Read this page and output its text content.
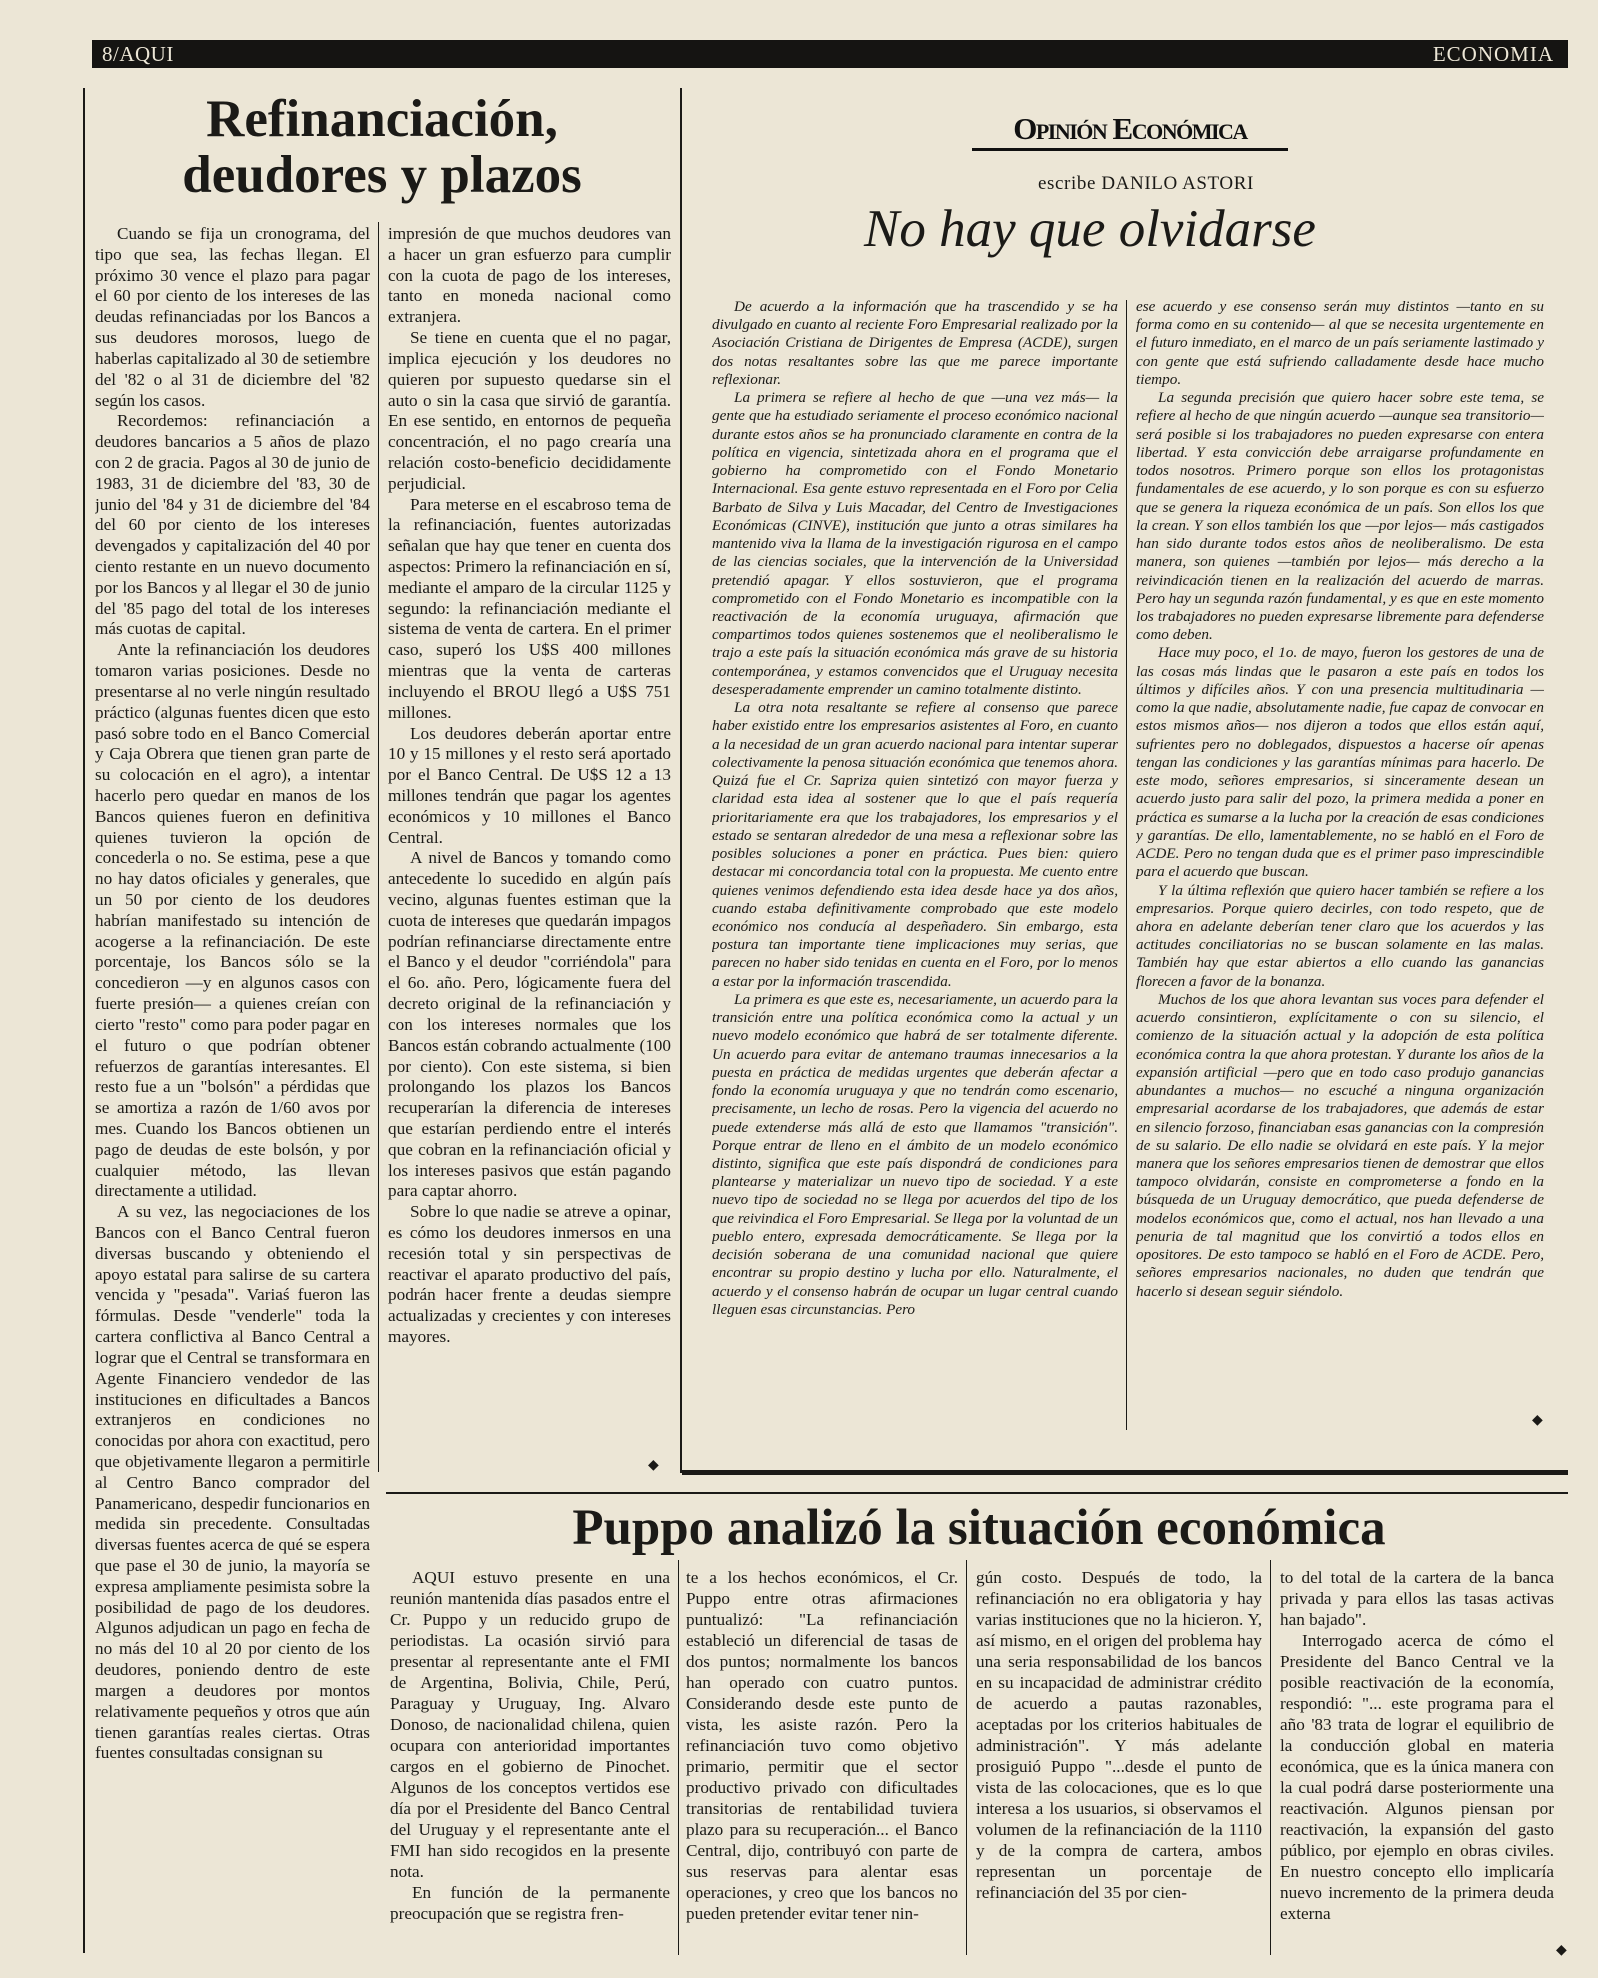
8/AQUI	ECONOMIA
Refinanciación,
deudores y plazos

Cuando se fija un cronograma, del tipo que sea, las fechas llegan. El próximo 30 vence el plazo para pagar el 60 por ciento de los intereses de las deudas refinanciadas por los Bancos a sus deudores morosos, luego de haberlas capitalizado al 30 de setiembre del '82 o al 31 de diciembre del '82 según los casos.

Recordemos: refinanciación a deudores bancarios a 5 años de plazo con 2 de gracia. Pagos al 30 de junio de 1983, 31 de diciembre del '83, 30 de junio del '84 y 31 de diciembre del '84 del 60 por ciento de los intereses devengados y capitalización del 40 por ciento restante en un nuevo documento por los Bancos y al llegar el 30 de junio del '85 pago del total de los intereses más cuotas de capital.

Ante la refinanciación los deudores tomaron varias posiciones. Desde no presentarse al no verle ningún resultado práctico (algunas fuentes dicen que esto pasó sobre todo en el Banco Comercial y Caja Obrera que tienen gran parte de su colocación en el agro), a intentar hacerlo pero quedar en manos de los Bancos quienes fueron en definitiva quienes tuvieron la opción de concederla o no. Se estima, pese a que no hay datos oficiales y generales, que un 50 por ciento de los deudores habrían manifestado su intención de acogerse a la refinanciación. De este porcentaje, los Bancos sólo se la concedieron —y en algunos casos con fuerte presión— a quienes creían con cierto "resto" como para poder pagar en el futuro o que podrían obtener refuerzos de garantías interesantes. El resto fue a un "bolsón" a pérdidas que se amortiza a razón de 1/60 avos por mes. Cuando los Bancos obtienen un pago de deudas de este bolsón, y por cualquier método, las llevan directamente a utilidad.

A su vez, las negociaciones de los Bancos con el Banco Central fueron diversas buscando y obteniendo el apoyo estatal para salirse de su cartera vencida y "pesada". Variaś fueron las fórmulas. Desde "venderle" toda la cartera conflictiva al Banco Central a lograr que el Central se transformara en Agente Financiero vendedor de las instituciones en dificultades a Bancos extranjeros en condiciones no conocidas por ahora con exactitud, pero que objetivamente llegaron a permitirle al Centro Banco comprador del Panamericano, despedir funcionarios en medida sin precedente. Consultadas diversas fuentes acerca de qué se espera que pase el 30 de junio, la mayoría se expresa ampliamente pesimista sobre la posibilidad de pago de los deudores. Algunos adjudican un pago en fecha de no más del 10 al 20 por ciento de los deudores, poniendo dentro de este margen a deudores por montos relativamente pequeños y otros que aún tienen garantías reales ciertas. Otras fuentes consultadas consignan su

impresión de que muchos deudores van a hacer un gran esfuerzo para cumplir con la cuota de pago de los intereses, tanto en moneda nacional como extranjera.

Se tiene en cuenta que el no pagar, implica ejecución y los deudores no quieren por supuesto quedarse sin el auto o sin la casa que sirvió de garantía. En ese sentido, en entornos de pequeña concentración, el no pago crearía una relación costo-beneficio decididamente perjudicial.

Para meterse en el escabroso tema de la refinanciación, fuentes autorizadas señalan que hay que tener en cuenta dos aspectos: Primero la refinanciación en sí, mediante el amparo de la circular 1125 y segundo: la refinanciación mediante el sistema de venta de cartera. En el primer caso, superó los U$S 400 millones mientras que la venta de carteras incluyendo el BROU llegó a U$S 751 millones.

Los deudores deberán aportar entre 10 y 15 millones y el resto será aportado por el Banco Central. De U$S 12 a 13 millones tendrán que pagar los agentes económicos y 10 millones el Banco Central.

A nivel de Bancos y tomando como antecedente lo sucedido en algún país vecino, algunas fuentes estiman que la cuota de intereses que quedarán impagos podrían refinanciarse directamente entre el Banco y el deudor "corriéndola" para el 6o. año. Pero, lógicamente fuera del decreto original de la refinanciación y con los intereses normales que los Bancos están cobrando actualmente (100 por ciento). Con este sistema, si bien prolongando los plazos los Bancos recuperarían la diferencia de intereses que estarían perdiendo entre el interés que cobran en la refinanciación oficial y los intereses pasivos que están pagando para captar ahorro.

Sobre lo que nadie se atreve a opinar, es cómo los deudores inmersos en una recesión total y sin perspectivas de reactivar el aparato productivo del país, podrán hacer frente a deudas siempre actualizadas y crecientes y con intereses mayores.

◆
Opinión Económica
escribe DANILO ASTORI
No hay que olvidarse

De acuerdo a la información que ha trascendido y se ha divulgado en cuanto al reciente Foro Empresarial realizado por la Asociación Cristiana de Dirigentes de Empresa (ACDE), surgen dos notas resaltantes sobre las que me parece importante reflexionar.

La primera se refiere al hecho de que —una vez más— la gente que ha estudiado seriamente el proceso económico nacional durante estos años se ha pronunciado claramente en contra de la política en vigencia, sintetizada ahora en el programa que el gobierno ha comprometido con el Fondo Monetario Internacional. Esa gente estuvo representada en el Foro por Celia Barbato de Silva y Luis Macadar, del Centro de Investigaciones Económicas (CINVE), institución que junto a otras similares ha mantenido viva la llama de la investigación rigurosa en el campo de las ciencias sociales, que la intervención de la Universidad pretendió apagar. Y ellos sostuvieron, que el programa comprometido con el Fondo Monetario es incompatible con la reactivación de la economía uruguaya, afirmación que compartimos todos quienes sostenemos que el neoliberalismo le trajo a este país la situación económica más grave de su historia contemporánea, y estamos convencidos que el Uruguay necesita desesperadamente emprender un camino totalmente distinto.

La otra nota resaltante se refiere al consenso que parece haber existido entre los empresarios asistentes al Foro, en cuanto a la necesidad de un gran acuerdo nacional para intentar superar colectivamente la penosa situación económica que tenemos ahora. Quizá fue el Cr. Sapriza quien sintetizó con mayor fuerza y claridad esta idea al sostener que lo que el país requería prioritariamente era que los trabajadores, los empresarios y el estado se sentaran alrededor de una mesa a reflexionar sobre las posibles soluciones a poner en práctica. Pues bien: quiero destacar mi concordancia total con la propuesta. Me cuento entre quienes venimos defendiendo esta idea desde hace ya dos años, cuando estaba definitivamente comprobado que este modelo económico nos conducía al despeñadero. Sin embargo, esta postura tan importante tiene implicaciones muy serias, que parecen no haber sido tenidas en cuenta en el Foro, por lo menos a estar por la información trascendida.

La primera es que este es, necesariamente, un acuerdo para la transición entre una política económica como la actual y un nuevo modelo económico que habrá de ser totalmente diferente. Un acuerdo para evitar de antemano traumas innecesarios a la puesta en práctica de medidas urgentes que deberán afectar a fondo la economía uruguaya y que no tendrán como escenario, precisamente, un lecho de rosas. Pero la vigencia del acuerdo no puede extenderse más allá de esto que llamamos "transición". Porque entrar de lleno en el ámbito de un modelo económico distinto, significa que este país dispondrá de condiciones para plantearse y materializar un nuevo tipo de sociedad. Y a este nuevo tipo de sociedad no se llega por acuerdos del tipo de los que reivindica el Foro Empresarial. Se llega por la voluntad de un pueblo entero, expresada democráticamente. Se llega por la decisión soberana de una comunidad nacional que quiere encontrar su propio destino y lucha por ello. Naturalmente, el acuerdo y el consenso habrán de ocupar un lugar central cuando lleguen esas circunstancias. Pero

ese acuerdo y ese consenso serán muy distintos —tanto en su forma como en su contenido— al que se necesita urgentemente en el futuro inmediato, en el marco de un país seriamente lastimado y con gente que está sufriendo calladamente desde hace mucho tiempo.

La segunda precisión que quiero hacer sobre este tema, se refiere al hecho de que ningún acuerdo —aunque sea transitorio— será posible si los trabajadores no pueden expresarse con entera libertad. Y esta convicción debe arraigarse profundamente en todos nosotros. Primero porque son ellos los protagonistas fundamentales de ese acuerdo, y lo son porque es con su esfuerzo que se genera la riqueza económica de un país. Son ellos los que la crean. Y son ellos también los que —por lejos— más castigados han sido durante todos estos años de neoliberalismo. De esta manera, son quienes —también por lejos— más derecho a la reivindicación tienen en la realización del acuerdo de marras. Pero hay un segunda razón fundamental, y es que en este momento los trabajadores no pueden expresarse libremente para defenderse como deben.

Hace muy poco, el 1o. de mayo, fueron los gestores de una de las cosas más lindas que le pasaron a este país en todos los últimos y difíciles años. Y con una presencia multitudinaria —como la que nadie, absolutamente nadie, fue capaz de convocar en estos mismos años— nos dijeron a todos que ellos están aquí, sufrientes pero no doblegados, dispuestos a hacerse oír apenas tengan las condiciones y las garantías mínimas para hacerlo. De este modo, señores empresarios, si sinceramente desean un acuerdo justo para salir del pozo, la primera medida a poner en práctica es sumarse a la lucha por la creación de esas condiciones y garantías. De ello, lamentablemente, no se habló en el Foro de ACDE. Pero no tengan duda que es el primer paso imprescindible para el acuerdo que buscan.

Y la última reflexión que quiero hacer también se refiere a los empresarios. Porque quiero decirles, con todo respeto, que de ahora en adelante deberían tener claro que los acuerdos y las actitudes conciliatorias no se buscan solamente en las malas. También hay que estar abiertos a ello cuando las ganancias florecen a favor de la bonanza.

Muchos de los que ahora levantan sus voces para defender el acuerdo consintieron, explícitamente o con su silencio, el comienzo de la situación actual y la adopción de esta política económica contra la que ahora protestan. Y durante los años de la expansión artificial —pero que en todo caso produjo ganancias abundantes a muchos— no escuché a ninguna organización empresarial acordarse de los trabajadores, que además de estar en silencio forzoso, financiaban esas ganancias con la compresión de su salario. De ello nadie se olvidará en este país. Y la mejor manera que los señores empresarios tienen de demostrar que ellos tampoco olvidarán, consiste en comprometerse a fondo en la búsqueda de un Uruguay democrático, que pueda defenderse de modelos económicos que, como el actual, nos han llevado a una penuria de tal magnitud que los convirtió a todos ellos en opositores. De esto tampoco se habló en el Foro de ACDE. Pero, señores empresarios nacionales, no duden que tendrán que hacerlo si desean seguir siéndolo.

◆
Puppo analizó la situación económica

AQUI estuvo presente en una reunión mantenida días pasados entre el Cr. Puppo y un reducido grupo de periodistas. La ocasión sirvió para presentar al representante ante el FMI de Argentina, Bolivia, Chile, Perú, Paraguay y Uruguay, Ing. Alvaro Donoso, de nacionalidad chilena, quien ocupara con anterioridad importantes cargos en el gobierno de Pinochet. Algunos de los conceptos vertidos ese día por el Presidente del Banco Central del Uruguay y el representante ante el FMI han sido recogidos en la presente nota.

En función de la permanente preocupación que se registra fren-

te a los hechos económicos, el Cr. Puppo entre otras afirmaciones puntualizó: "La refinanciación estableció un diferencial de tasas de dos puntos; normalmente los bancos han operado con cuatro puntos. Considerando desde este punto de vista, les asiste razón. Pero la refinanciación tuvo como objetivo primario, permitir que el sector productivo privado con dificultades transitorias de rentabilidad tuviera plazo para su recuperación... el Banco Central, dijo, contribuyó con parte de sus reservas para alentar esas operaciones, y creo que los bancos no pueden pretender evitar tener nin-

gún costo. Después de todo, la refinanciación no era obligatoria y hay varias instituciones que no la hicieron. Y, así mismo, en el origen del problema hay una seria responsabilidad de los bancos en su incapacidad de administrar crédito de acuerdo a pautas razonables, aceptadas por los criterios habituales de administración". Y más adelante prosiguió Puppo "...desde el punto de vista de las colocaciones, que es lo que interesa a los usuarios, si observamos el volumen de la refinanciación de la 1110 y de la compra de cartera, ambos representan un porcentaje de refinanciación del 35 por cien-

to del total de la cartera de la banca privada y para ellos las tasas activas han bajado".

Interrogado acerca de cómo el Presidente del Banco Central ve la posible reactivación de la economía, respondió: "... este programa para el año '83 trata de lograr el equilibrio de la conducción global en materia económica, que es la única manera con la cual podrá darse posteriormente una reactivación. Algunos piensan por reactivación, la expansión del gasto público, por ejemplo en obras civiles. En nuestro concepto ello implicaría nuevo incremento de la primera deuda externa

◆
